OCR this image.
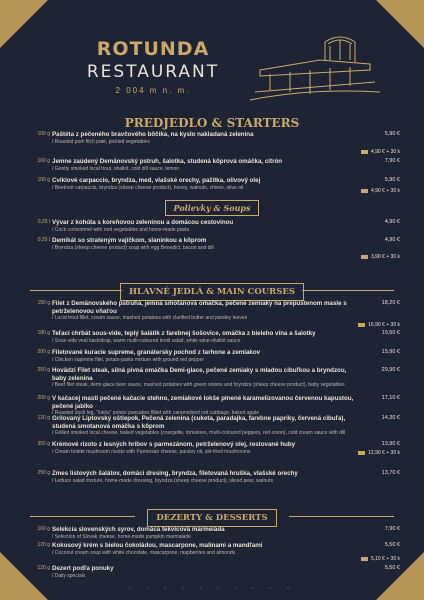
ROTUNDA
RESTAURANT
2 004 m n. m.
PREDJEDLO & STARTERS
100 g Paštéta z pečeného bravčového bôčika, na kyslo nakladaná zelenina
/ Roasted pork filch paté, pickled vegetables
5,90 €
4,90 € + 30 k
100 g Jemne zaúdený Demänovský pstruh, šalotka, studená kôprová omáčka, citrón
/ Gently smoked local trout, shallot, cold dill sauce, lemon
7,90 €
100 g Cviklové carpaccio, bryndza, med, vlašské orechy, pažítka, olivový olej
/ Beetroot carpaccio, bryndza (sheep cheese product), honey, walnuts, chives, olive oil
5,90 €
4,90 € + 30 k
Polievky & Soups
0,25 l Vývar z kohúta s koreňovou zeleninou a domácou cestovinou
/ Cock consommé with root vegetables and home-made pasta
4,90 €
0,25 l Demikát so strateným vajíčkom, slaninkou a kôprom
/ Bryndza (sheep cheese product) soup with egg Benedict, bacon and dill
4,90 €
3,90 € + 30 k
HLAVNÉ JEDLÁ & MAIN COURSES
150 g Filet z Demänovského pstruha, jemná smotanová omáčka, pečené zemiaky na prepustenom masle s petrželenovou vňaťou
/ Local trout fillet, cream sauce, mashed potatoes with clarified butter and parsley leaves
18,20 €
16,90 € + 30 k
180 g Teľací chrbát sous-vide, teplý šalátik z farebnej šošovice, omáčka z bieleho vína a šalotky
/ Sous-vide veal backstrap, warm multi-coloured lentil salad, white wine-shallot sauce
19,50 €
200 g Filetované kuracie supreme, granátersky pochod z tarhone a zemiakov
/ Chicken supreme filet, potato-pasta mixture with ground red pepper
15,90 €
250 g Hovädzí Filet steak, silná pivná omáčka Demi-glace, pečené zemiaky s mladou cibuľkou a bryndzou, baby zelenina
/ Beef filet steak, demi-glace beer sauce, mashed potatoes with green onions and bryndza (sheep cheese product), baby vegetables
29,90 €
200 g V kačacej masti pečené kačacie stehno, zemiakové lokše plnené karamelizovanou červenou kapustou, pečené jablko
/ Roasted duck leg, "lokša" potato pancakes filled with caramelised red cabbage, baked apple
17,10 €
120 g Grilovaný Liptovský oštiepok, Pečená zelenina (cuketa, paradajka, farebne papriky, červená cibuľa), studená smotanová omáčka s kôprom
/ Grilled smoked local cheese, baked vegetables (courgette, tomatoes, multi-coloured peppers, red onion), cold cream sauce with dill
14,30 €
350 g Krémové rizoto z lesných hríbov s parmezánom, petrželenový olej, restované huby
/ Cream bolete mushroom risotto with Parmesan cheese, parsley oil, stir-fried mushrooms
13,90 €
12,90 € + 30 k
250 g Zmes listových šalátov, domáci dresing, bryndza, filetovaná hruška, vlašské orechy
/ Lettuce salad mixture, home-made dressing, bryndza (sheep cheese product), sliced pear, walnuts
13,70 €
DEZERTY & DESSERTS
100 g Selekcia slovenských syrov, domáca tekvicová marmeláda
/ Selection of Slovak cheese, home-made pumpkin marmalade
7,90 €
120 g Kokosový krém s bielou čokoládou, mascarpone, malinami a mandľami
/ Coconut cream soup with white chocolate, mascarpone, raspberries and almonds
5,50 €
5,10 € + 30 k
120 g Dezert podľa ponuky
/ Daily specials
5,50 €
✦ ✦ ✦ ✦ ✦ ✦ ✦ ✦ ✦ ✦
